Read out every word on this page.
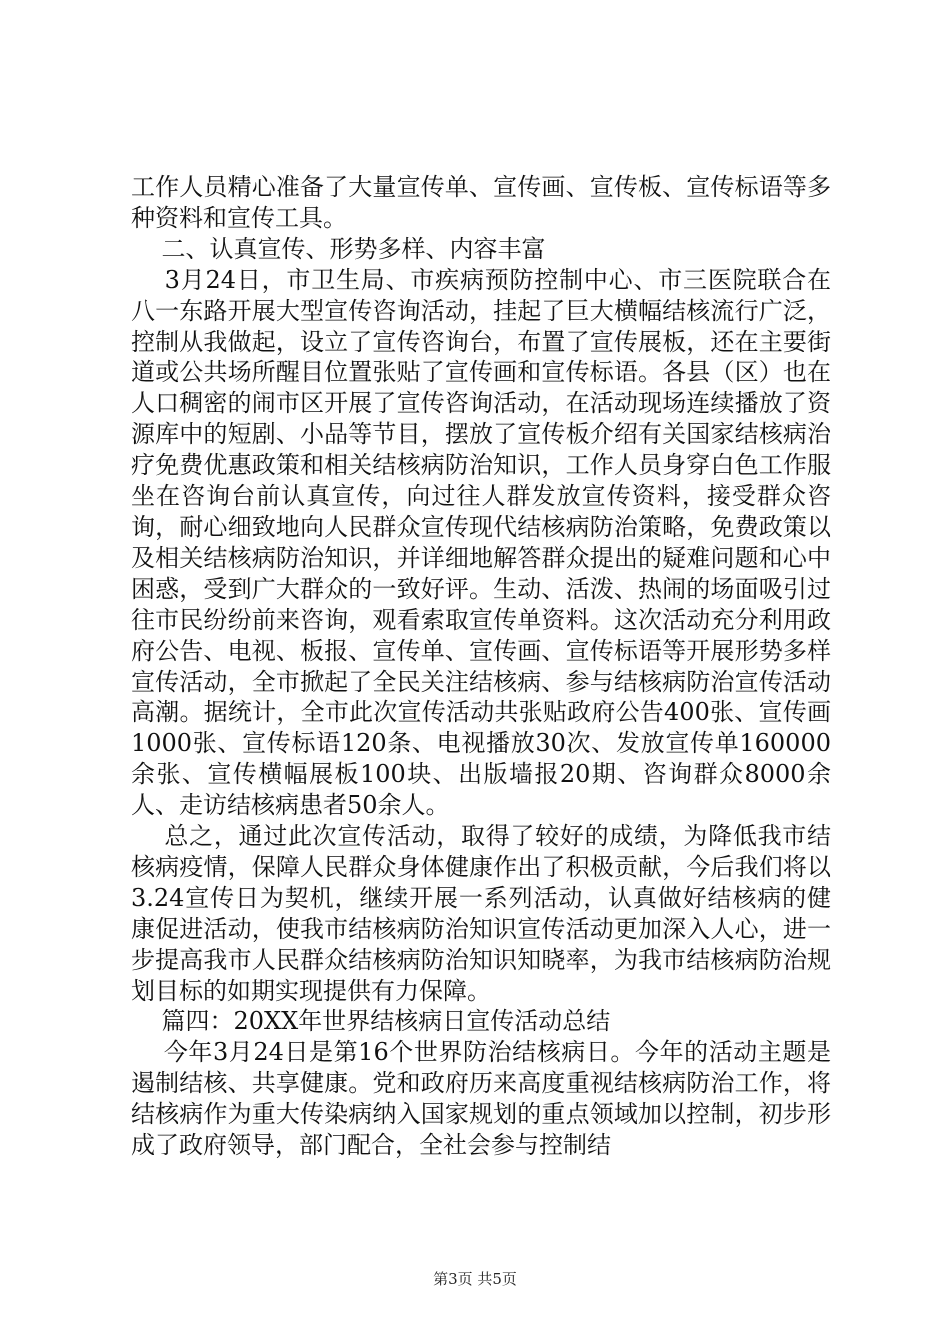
工作人员精心准备了大量宣传单、宣传画、宣传板、宣传标语等多种资料和宣传工具。

二、认真宣传、形势多样、内容丰富

3月24日，市卫生局、市疾病预防控制中心、市三医院联合在八一东路开展大型宣传咨询活动，挂起了巨大横幅结核流行广泛，控制从我做起，设立了宣传咨询台，布置了宣传展板，还在主要街道或公共场所醒目位置张贴了宣传画和宣传标语。各县（区）也在人口稠密的闹市区开展了宣传咨询活动，在活动现场连续播放了资源库中的短剧、小品等节目，摆放了宣传板介绍有关国家结核病治疗免费优惠政策和相关结核病防治知识，工作人员身穿白色工作服坐在咨询台前认真宣传，向过往人群发放宣传资料，接受群众咨询，耐心细致地向人民群众宣传现代结核病防治策略，免费政策以及相关结核病防治知识，并详细地解答群众提出的疑难问题和心中困惑，受到广大群众的一致好评。生动、活泼、热闹的场面吸引过往市民纷纷前来咨询，观看索取宣传单资料。这次活动充分利用政府公告、电视、板报、宣传单、宣传画、宣传标语等开展形势多样宣传活动，全市掀起了全民关注结核病、参与结核病防治宣传活动高潮。据统计，全市此次宣传活动共张贴政府公告400张、宣传画1000张、宣传标语120条、电视播放30次、发放宣传单160000余张、宣传横幅展板100块、出版墙报20期、咨询群众8000余人、走访结核病患者50余人。

总之，通过此次宣传活动，取得了较好的成绩，为降低我市结核病疫情，保障人民群众身体健康作出了积极贡献，今后我们将以3.24宣传日为契机，继续开展一系列活动，认真做好结核病的健康促进活动，使我市结核病防治知识宣传活动更加深入人心，进一步提高我市人民群众结核病防治知识知晓率，为我市结核病防治规划目标的如期实现提供有力保障。

篇四：20XX年世界结核病日宣传活动总结

今年3月24日是第16个世界防治结核病日。今年的活动主题是遏制结核、共享健康。党和政府历来高度重视结核病防治工作，将结核病作为重大传染病纳入国家规划的重点领域加以控制，初步形成了政府领导，部门配合，全社会参与控制结

第3页 共5页
